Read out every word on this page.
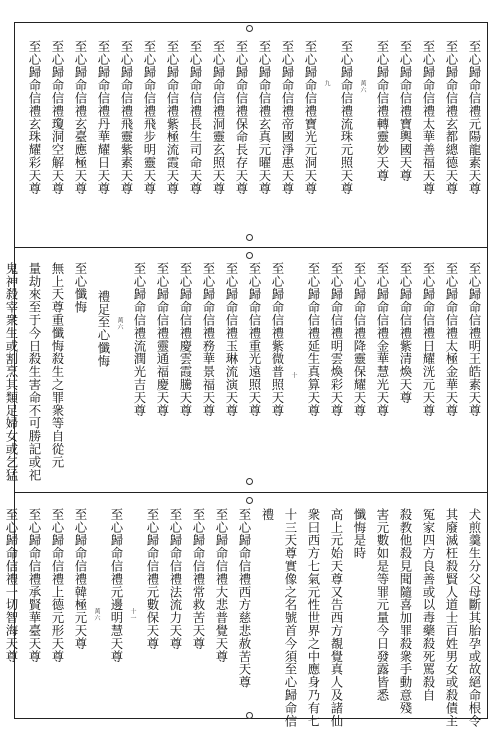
至心歸命信禮元陽龍素天尊
至心歸命信禮玄都總德天尊
至心歸命信禮太華善福天尊
至心歸命信禮寶輿國天尊
至心歸命信禮轉靈妙天尊
萬六
至心歸命信禮流珠元照天尊
九
至心歸命信禮寶光元洞天尊
至心歸命信禮帝國淨惠天尊
至心歸命信禮玄真元曜天尊
至心歸命信禮保命長存天尊
至心歸命信禮洞靈玄照天尊
至心歸命信禮長生司命天尊
至心歸命信禮紫極流霞天尊
至心歸命信禮飛步明靈天尊
至心歸命信禮飛靈紫素天尊
至心歸命信禮丹華耀日天尊
至心歸命信禮玄臺應極天尊
至心歸命信禮瓊洞空解天尊
至心歸命信禮玄珠耀彩天尊
至心歸命信禮明王皓素天尊
至心歸命信禮太極金華天尊
至心歸命信禮日耀洸元天尊
至心歸命信禮紫清煥天尊
至心歸命信禮金華慧光天尊
至心歸命信禮降靈保耀天尊
至心歸命信禮明雲煥彩天尊
至心歸命信禮延生真算天尊
十
至心歸命信禮紫微普照天尊
至心歸命信禮重光遠照天尊
至心歸命信禮玉琳流演天尊
至心歸命信禮務華景福天尊
至心歸命信禮慶雲霞騰天尊
至心歸命信禮靈通福慶天尊
至心歸命信禮流潤光吉天尊
萬六
禮足至心懺悔
至心懺悔
無上天尊重懺悔殺生之罪衆等自從元
量劫來至于今日殺生害命不可勝記或祀
鬼神殺宰衆生或割烹其類足婦女或乞猛
犬煎羹生分父母斷其胎孕或故絕命根令
其廢滅枉殺賢人道士百姓男女或殺債主
冤家四方良善或以毒藥殺死罵殺自
殺教他殺見聞隨喜加罪殺衆手動意殘
害元數如是等罪元量今日發露皆悉
懺悔是時
高上元始天尊又告西方覩覺真人及諸仙
衆曰西方七氣元性世界之中應身乃有七
十三天尊實像之名號首今須至心歸命信
禮
至心歸命信禮西方慈悲赦苦天尊
至心歸命信禮大悲普覺天尊
至心歸命信禮常救苦天尊
至心歸命信禮法流力天尊
至心歸命信禮元數保天尊
十一
至心歸命信禮元邊明慧天尊
萬六
至心歸命信禮韓極元天尊
至心歸命信禮上德元形天尊
至心歸命信禮承賢華臺天尊
至心歸命信禮一切智海天尊
